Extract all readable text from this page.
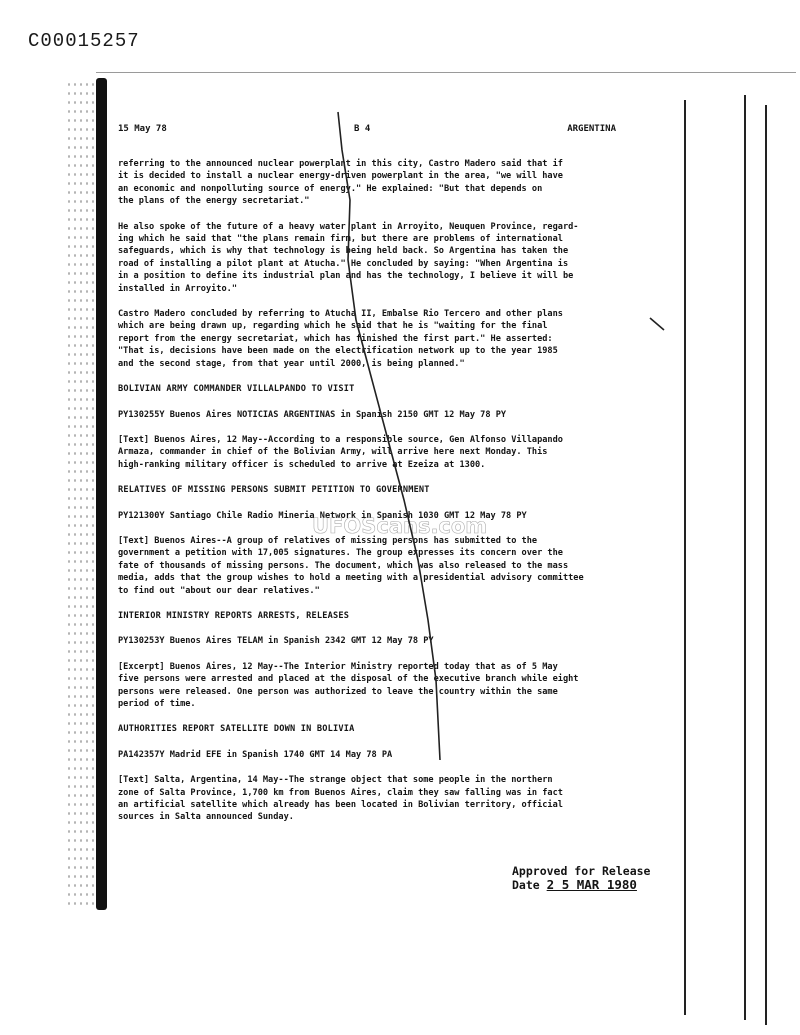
C00015257
15 May 78	B 4	ARGENTINA

referring to the announced nuclear powerplant in this city, Castro Madero said that if
it is decided to install a nuclear energy-driven powerplant in the area, "we will have
an economic and nonpolluting source of energy." He explained: "But that depends on
the plans of the energy secretariat."

He also spoke of the future of a heavy water plant in Arroyito, Neuquen Province, regard-
ing which he said that "the plans remain firm, but there are problems of international
safeguards, which is why that technology is being held back. So Argentina has taken the
road of installing a pilot plant at Atucha." He concluded by saying: "When Argentina is
in a position to define its industrial plan and has the technology, I believe it will be
installed in Arroyito."

Castro Madero concluded by referring to Atucha II, Embalse Rio Tercero and other plans
which are being drawn up, regarding which he said that he is "waiting for the final
report from the energy secretariat, which has finished the first part." He asserted:
"That is, decisions have been made on the electrification network up to the year 1985
and the second stage, from that year until 2000, is being planned."

BOLIVIAN ARMY COMMANDER VILLALPANDO TO VISIT
PY130255Y Buenos Aires NOTICIAS ARGENTINAS in Spanish 2150 GMT 12 May 78 PY

[Text] Buenos Aires, 12 May--According to a responsible source, Gen Alfonso Villapando
Armaza, commander in chief of the Bolivian Army, will arrive here next Monday. This
high-ranking military officer is scheduled to arrive at Ezeiza at 1300.

RELATIVES OF MISSING PERSONS SUBMIT PETITION TO GOVERNMENT
PY121300Y Santiago Chile Radio Mineria Network in Spanish 1030 GMT 12 May 78 PY

[Text] Buenos Aires--A group of relatives of missing persons has submitted to the
government a petition with 17,005 signatures. The group expresses its concern over the
fate of thousands of missing persons. The document, which was also released to the mass
media, adds that the group wishes to hold a meeting with a presidential advisory committee
to find out "about our dear relatives."

INTERIOR MINISTRY REPORTS ARRESTS, RELEASES
PY130253Y Buenos Aires TELAM in Spanish 2342 GMT 12 May 78 PY

[Excerpt] Buenos Aires, 12 May--The Interior Ministry reported today that as of 5 May
five persons were arrested and placed at the disposal of the executive branch while eight
persons were released. One person was authorized to leave the country within the same
period of time.

AUTHORITIES REPORT SATELLITE DOWN IN BOLIVIA
PA142357Y Madrid EFE in Spanish 1740 GMT 14 May 78 PA

[Text] Salta, Argentina, 14 May--The strange object that some people in the northern
zone of Salta Province, 1,700 km from Buenos Aires, claim they saw falling was in fact
an artificial satellite which already has been located in Bolivian territory, official
sources in Salta announced Sunday.

UFOScans.com
Approved for Release
Date 2 5 MAR 1980
